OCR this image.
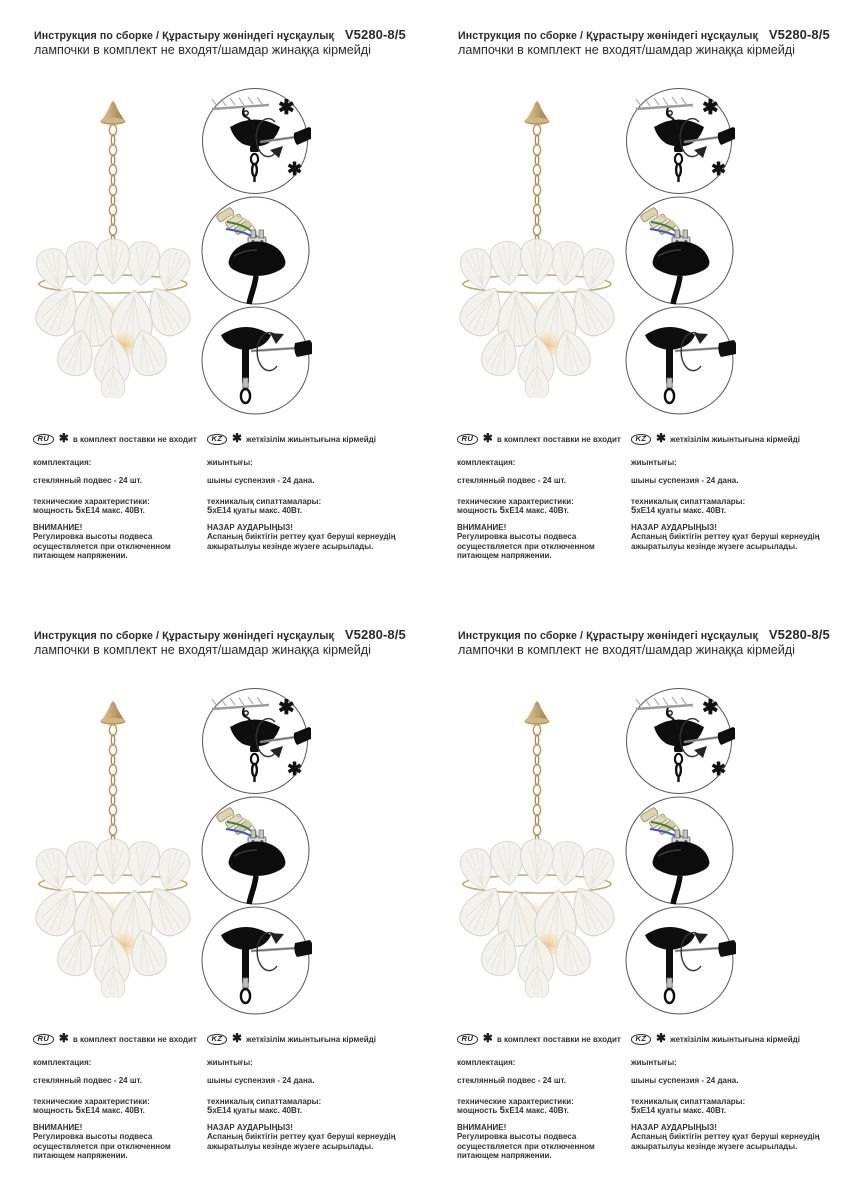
Инструкция по сборке / Құрастыру жөніндегі нұсқаулық V5280-8/5
лампочки в комплект не входят/шамдар жинаққа кірмейді
✱
✱
RU ✱ в комплект поставки не входит
комплектация:
стеклянный подвес - 24 шт.
технические характеристики:
мощность 5хЕ14 макс. 40Вт.
ВНИМАНИЕ!
Регулировка высоты подвеса осуществляется при отключенном питающем напряжении.
KZ ✱ жеткізілім жиынтығына кірмейді
жиынтығы:
шыны суспензия - 24 дана.
техникалық сипаттамалары:
5хЕ14 қуаты макс. 40Вт.
НАЗАР АУДАРЫҢЫЗ!
Аспаның биіктігін реттеу қуат беруші кернеудің ажыратылуы кезінде жүзеге асырылады.
Инструкция по сборке / Құрастыру жөніндегі нұсқаулық V5280-8/5
лампочки в комплект не входят/шамдар жинаққа кірмейді
✱
✱
RU ✱ в комплект поставки не входит
комплектация:
стеклянный подвес - 24 шт.
технические характеристики:
мощность 5хЕ14 макс. 40Вт.
ВНИМАНИЕ!
Регулировка высоты подвеса осуществляется при отключенном питающем напряжении.
KZ ✱ жеткізілім жиынтығына кірмейді
жиынтығы:
шыны суспензия - 24 дана.
техникалық сипаттамалары:
5хЕ14 қуаты макс. 40Вт.
НАЗАР АУДАРЫҢЫЗ!
Аспаның биіктігін реттеу қуат беруші кернеудің ажыратылуы кезінде жүзеге асырылады.
Инструкция по сборке / Құрастыру жөніндегі нұсқаулық V5280-8/5
лампочки в комплект не входят/шамдар жинаққа кірмейді
✱
✱
RU ✱ в комплект поставки не входит
комплектация:
стеклянный подвес - 24 шт.
технические характеристики:
мощность 5хЕ14 макс. 40Вт.
ВНИМАНИЕ!
Регулировка высоты подвеса осуществляется при отключенном питающем напряжении.
KZ ✱ жеткізілім жиынтығына кірмейді
жиынтығы:
шыны суспензия - 24 дана.
техникалық сипаттамалары:
5хЕ14 қуаты макс. 40Вт.
НАЗАР АУДАРЫҢЫЗ!
Аспаның биіктігін реттеу қуат беруші кернеудің ажыратылуы кезінде жүзеге асырылады.
Инструкция по сборке / Құрастыру жөніндегі нұсқаулық V5280-8/5
лампочки в комплект не входят/шамдар жинаққа кірмейді
✱
✱
RU ✱ в комплект поставки не входит
комплектация:
стеклянный подвес - 24 шт.
технические характеристики:
мощность 5хЕ14 макс. 40Вт.
ВНИМАНИЕ!
Регулировка высоты подвеса осуществляется при отключенном питающем напряжении.
KZ ✱ жеткізілім жиынтығына кірмейді
жиынтығы:
шыны суспензия - 24 дана.
техникалық сипаттамалары:
5хЕ14 қуаты макс. 40Вт.
НАЗАР АУДАРЫҢЫЗ!
Аспаның биіктігін реттеу қуат беруші кернеудің ажыратылуы кезінде жүзеге асырылады.
